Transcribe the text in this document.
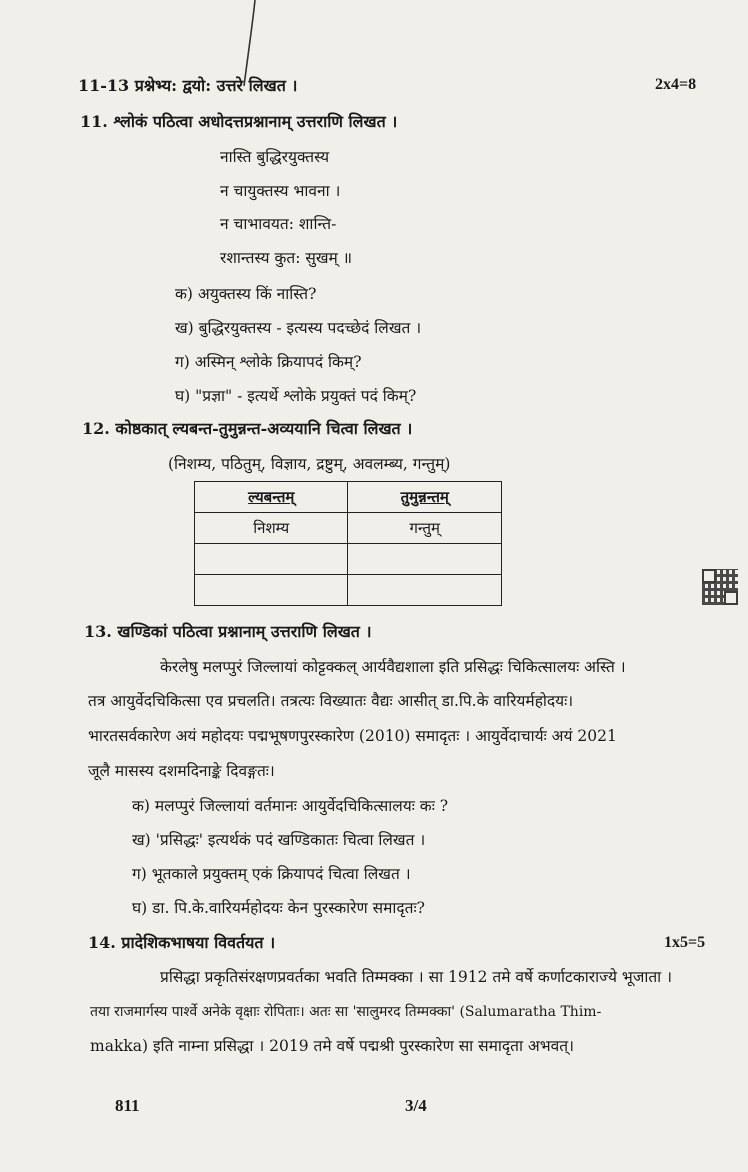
11-13 प्रश्नेभ्य: द्वयो: उत्तरे लिखत ।	2x4=8
11. श्लोकं पठित्वा अधोदत्तप्रश्नानाम् उत्तराणि लिखत ।
नास्ति बुद्धिरयुक्तस्य
न चायुक्तस्य भावना ।
न चाभावयत: शान्ति-
रशान्तस्य कुत: सुखम् ॥
क) अयुक्तस्य किं नास्ति?
ख) बुद्धिरयुक्तस्य - इत्यस्य पदच्छेदं लिखत ।
ग) अस्मिन् श्लोके क्रियापदं किम्?
घ) "प्रज्ञा" - इत्यर्थे श्लोके प्रयुक्तं पदं किम्?
12. कोष्ठकात् ल्यबन्त-तुमुन्नन्त-अव्ययानि चित्वा लिखत ।
(निशम्य, पठितुम्, विज्ञाय, द्रष्टुम्, अवलम्ब्य, गन्तुम्)
ल्यबन्तम्	तुमुन्नन्तम्
निशम्य	गन्तुम्

13. खण्डिकां पठित्वा प्रश्नानाम् उत्तराणि लिखत ।
केरलेषु मलप्पुरं जिल्लायां कोट्टक्कल् आर्यवैद्यशाला इति प्रसिद्धः चिकित्सालयः अस्ति ।
तत्र आयुर्वेदचिकित्सा एव प्रचलति। तत्रत्यः विख्यातः वैद्यः आसीत् डा.पि.के वारियर्महोदयः।
भारतसर्वकारेण अयं महोदयः पद्मभूषणपुरस्कारेण (2010) समादृतः । आयुर्वेदाचार्यः अयं 2021
जूलै मासस्य दशमदिनाङ्के दिवङ्गतः।
क) मलप्पुरं जिल्लायां वर्तमानः आयुर्वेदचिकित्सालयः कः ?
ख) 'प्रसिद्धः' इत्यर्थकं पदं खण्डिकातः चित्वा लिखत ।
ग) भूतकाले प्रयुक्तम् एकं क्रियापदं चित्वा लिखत ।
घ) डा. पि.के.वारियर्महोदयः केन पुरस्कारेण समादृतः?
14. प्रादेशिकभाषया विवर्तयत ।	1x5=5
प्रसिद्धा प्रकृतिसंरक्षणप्रवर्तका भवति तिम्मक्का । सा 1912 तमे वर्षे कर्णाटकाराज्ये भूजाता ।
तया राजमार्गस्य पार्श्वे अनेके वृक्षाः रोपिताः। अतः सा 'सालुमरद तिम्मक्का' (Salumaratha Thim-
makka) इति नाम्ना प्रसिद्धा । 2019 तमे वर्षे पद्मश्री पुरस्कारेण सा समादृता अभवत्।
811	3/4
